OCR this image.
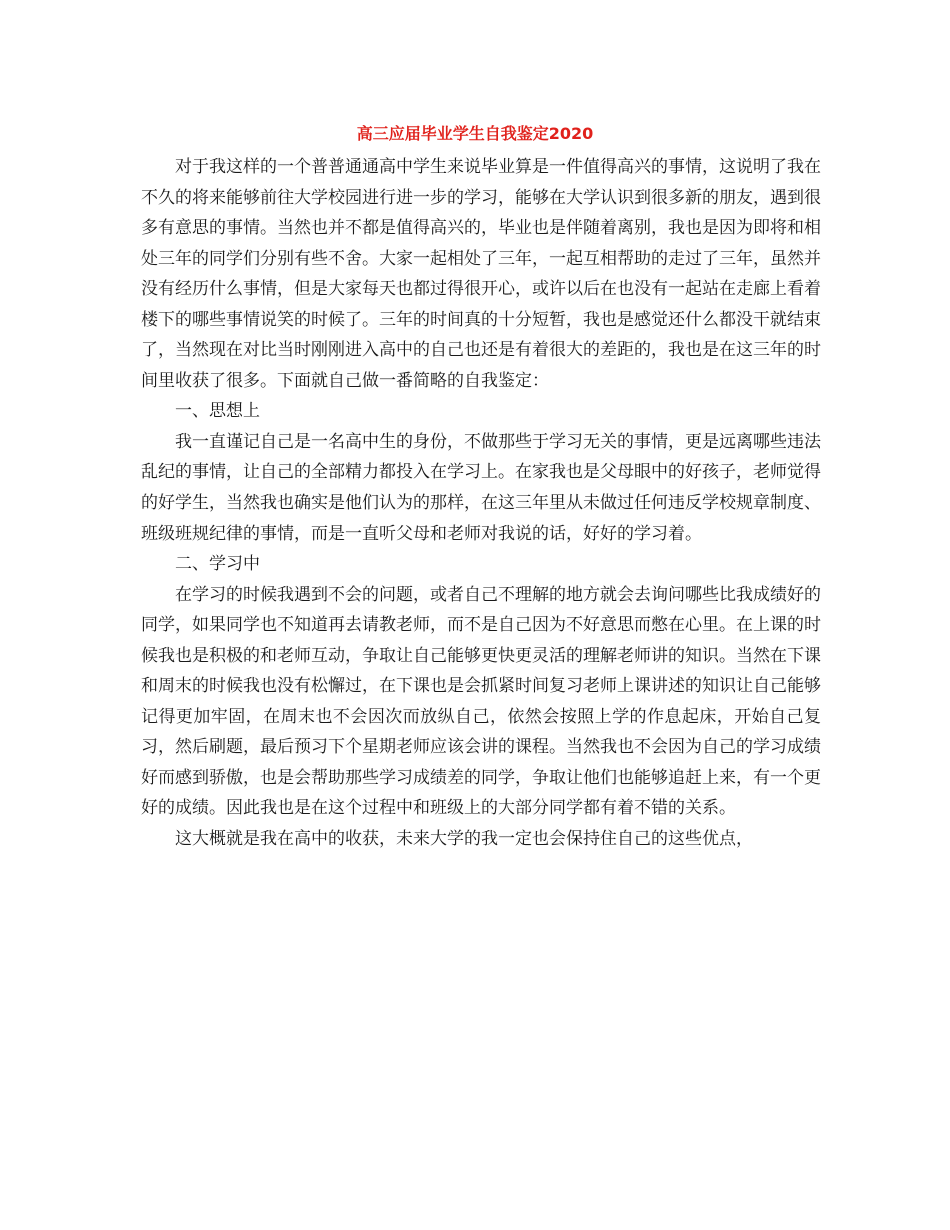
高三应届毕业学生自我鉴定2020

对于我这样的一个普普通通高中学生来说毕业算是一件值得高兴的事情，这说明了我在不久的将来能够前往大学校园进行进一步的学习，能够在大学认识到很多新的朋友，遇到很多有意思的事情。当然也并不都是值得高兴的，毕业也是伴随着离别，我也是因为即将和相处三年的同学们分别有些不舍。大家一起相处了三年，一起互相帮助的走过了三年，虽然并没有经历什么事情，但是大家每天也都过得很开心，或许以后在也没有一起站在走廊上看着楼下的哪些事情说笑的时候了。三年的时间真的十分短暂，我也是感觉还什么都没干就结束了，当然现在对比当时刚刚进入高中的自己也还是有着很大的差距的，我也是在这三年的时间里收获了很多。下面就自己做一番简略的自我鉴定：

一、思想上

我一直谨记自己是一名高中生的身份，不做那些于学习无关的事情，更是远离哪些违法乱纪的事情，让自己的全部精力都投入在学习上。在家我也是父母眼中的好孩子，老师觉得的好学生，当然我也确实是他们认为的那样，在这三年里从未做过任何违反学校规章制度、班级班规纪律的事情，而是一直听父母和老师对我说的话，好好的学习着。

二、学习中

在学习的时候我遇到不会的问题，或者自己不理解的地方就会去询问哪些比我成绩好的同学，如果同学也不知道再去请教老师，而不是自己因为不好意思而憋在心里。在上课的时候我也是积极的和老师互动，争取让自己能够更快更灵活的理解老师讲的知识。当然在下课和周末的时候我也没有松懈过，在下课也是会抓紧时间复习老师上课讲述的知识让自己能够记得更加牢固，在周末也不会因次而放纵自己，依然会按照上学的作息起床，开始自己复习，然后刷题，最后预习下个星期老师应该会讲的课程。当然我也不会因为自己的学习成绩好而感到骄傲，也是会帮助那些学习成绩差的同学，争取让他们也能够追赶上来，有一个更好的成绩。因此我也是在这个过程中和班级上的大部分同学都有着不错的关系。

这大概就是我在高中的收获，未来大学的我一定也会保持住自己的这些优点，
